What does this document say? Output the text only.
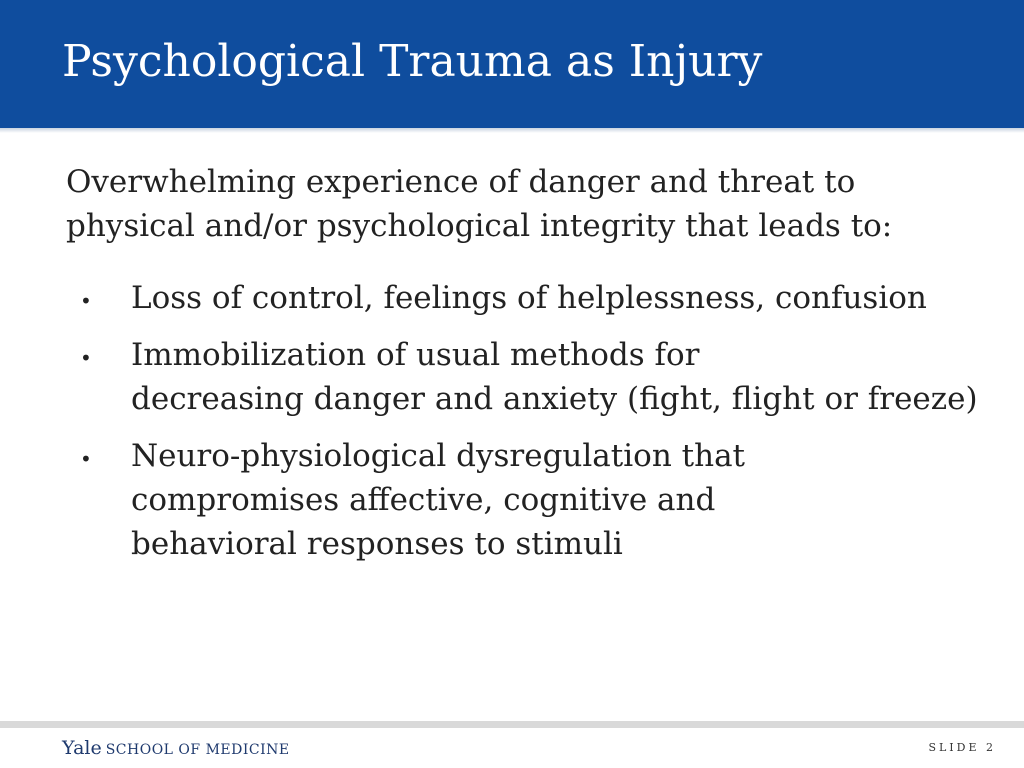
Psychological Trauma as Injury

Overwhelming experience of danger and threat to
physical and/or psychological integrity that leads to:

• Loss of control, feelings of helplessness, confusion
• Immobilization of usual methods for
decreasing danger and anxiety (fight, flight or freeze)
• Neuro-physiological dysregulation that
compromises affective, cognitive and
behavioral responses to stimuli
Yale SCHOOL OF MEDICINE	SLIDE 2
